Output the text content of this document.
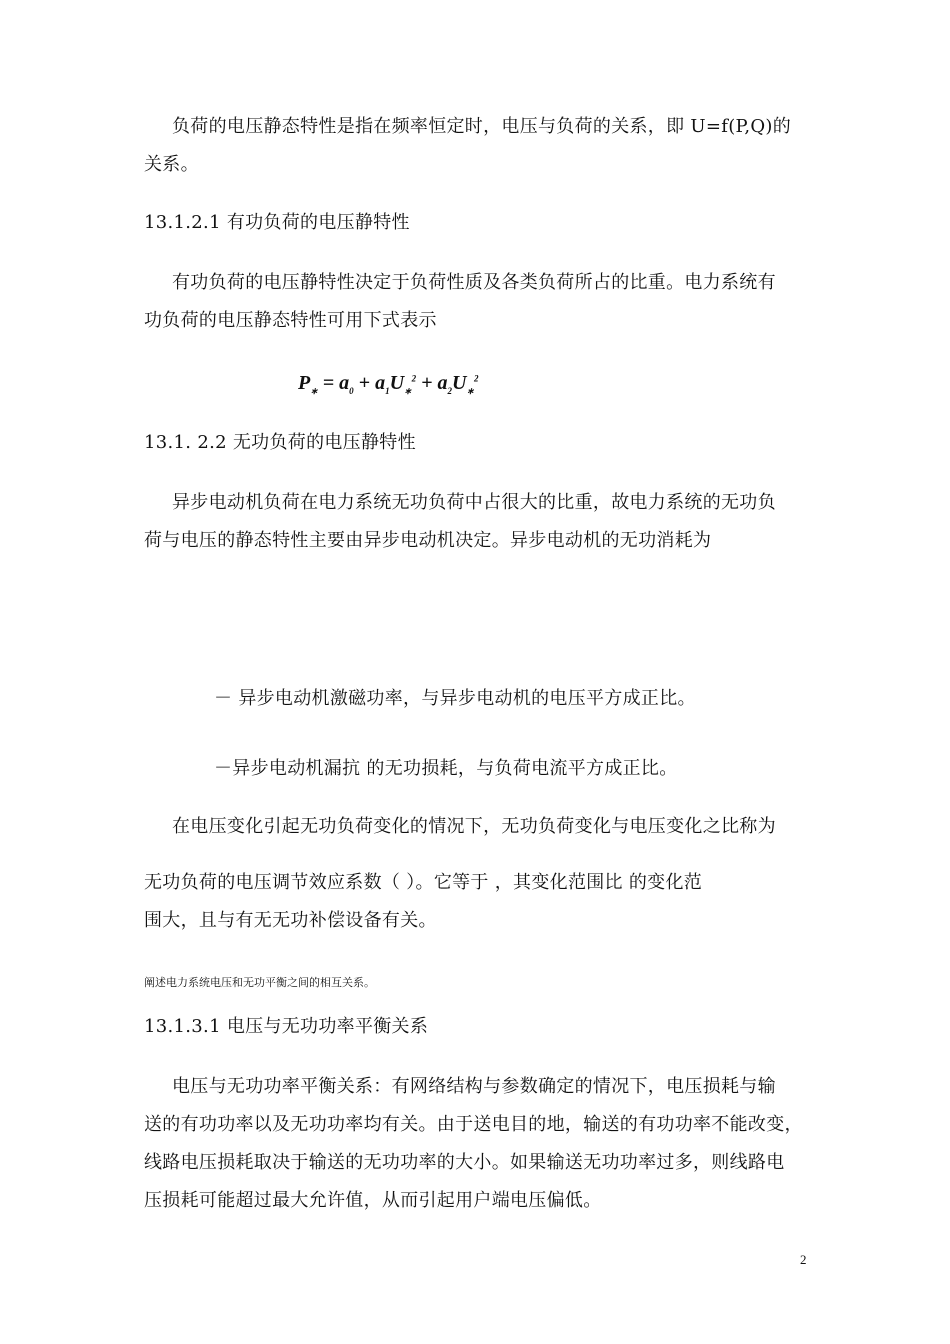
负荷的电压静态特性是指在频率恒定时，电压与负荷的关系，即 U=f(P,Q)的
关系。
13.1.2.1 有功负荷的电压静特性
有功负荷的电压静特性决定于负荷性质及各类负荷所占的比重。电力系统有
功负荷的电压静态特性可用下式表示
$P_∗ = a_0 + a_1U_∗^2 + a_2U_∗^2$
13.1. 2.2 无功负荷的电压静特性
异步电动机负荷在电力系统无功负荷中占很大的比重，故电力系统的无功负
荷与电压的静态特性主要由异步电动机决定。异步电动机的无功消耗为
－ 异步电动机激磁功率，与异步电动机的电压平方成正比。
－异步电动机漏抗 的无功损耗，与负荷电流平方成正比。
在电压变化引起无功负荷变化的情况下，无功负荷变化与电压变化之比称为
无功负荷的电压调节效应系数（ ）。它等于 ，其变化范围比 的变化范
围大，且与有无无功补偿设备有关。
阐述电力系统电压和无功平衡之间的相互关系。
13.1.3.1 电压与无功功率平衡关系
电压与无功功率平衡关系：有网络结构与参数确定的情况下，电压损耗与输
送的有功功率以及无功功率均有关。由于送电目的地，输送的有功功率不能改变，
线路电压损耗取决于输送的无功功率的大小。如果输送无功功率过多，则线路电
压损耗可能超过最大允许值，从而引起用户端电压偏低。
2
